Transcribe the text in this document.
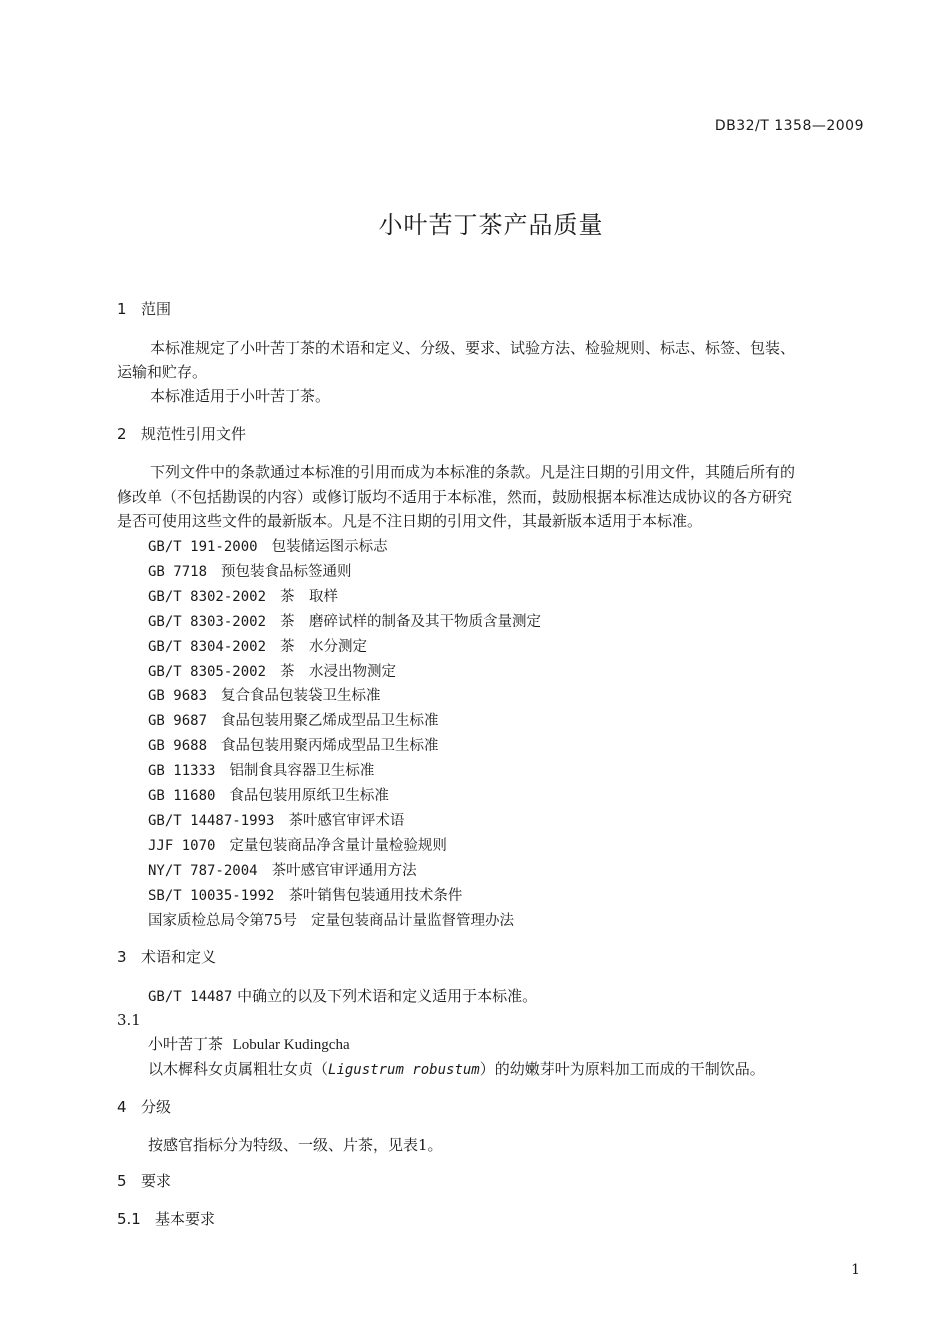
DB32/T 1358—2009
小叶苦丁茶产品质量
1 范围
本标准规定了小叶苦丁茶的术语和定义、分级、要求、试验方法、检验规则、标志、标签、包装、
运输和贮存。
本标准适用于小叶苦丁茶。
2 规范性引用文件
下列文件中的条款通过本标准的引用而成为本标准的条款。凡是注日期的引用文件，其随后所有的
修改单（不包括勘误的内容）或修订版均不适用于本标准，然而，鼓励根据本标准达成协议的各方研究
是否可使用这些文件的最新版本。凡是不注日期的引用文件，其最新版本适用于本标准。
GB/T 191-2000 包装储运图示标志
GB 7718 预包装食品标签通则
GB/T 8302-2002 茶　取样
GB/T 8303-2002 茶　磨碎试样的制备及其干物质含量测定
GB/T 8304-2002 茶　水分测定
GB/T 8305-2002 茶　水浸出物测定
GB 9683 复合食品包装袋卫生标准
GB 9687 食品包装用聚乙烯成型品卫生标准
GB 9688 食品包装用聚丙烯成型品卫生标准
GB 11333 铝制食具容器卫生标准
GB 11680 食品包装用原纸卫生标准
GB/T 14487-1993 茶叶感官审评术语
JJF 1070 定量包装商品净含量计量检验规则
NY/T 787-2004 茶叶感官审评通用方法
SB/T 10035-1992 茶叶销售包装通用技术条件
国家质检总局令第75号 定量包装商品计量监督管理办法
3 术语和定义
GB/T 14487 中确立的以及下列术语和定义适用于本标准。
3.1
小叶苦丁茶 Lobular Kudingcha
以木樨科女贞属粗壮女贞（Ligustrum robustum）的幼嫩芽叶为原料加工而成的干制饮品。
4 分级
按感官指标分为特级、一级、片茶，见表1。
5 要求
5.1 基本要求
1
